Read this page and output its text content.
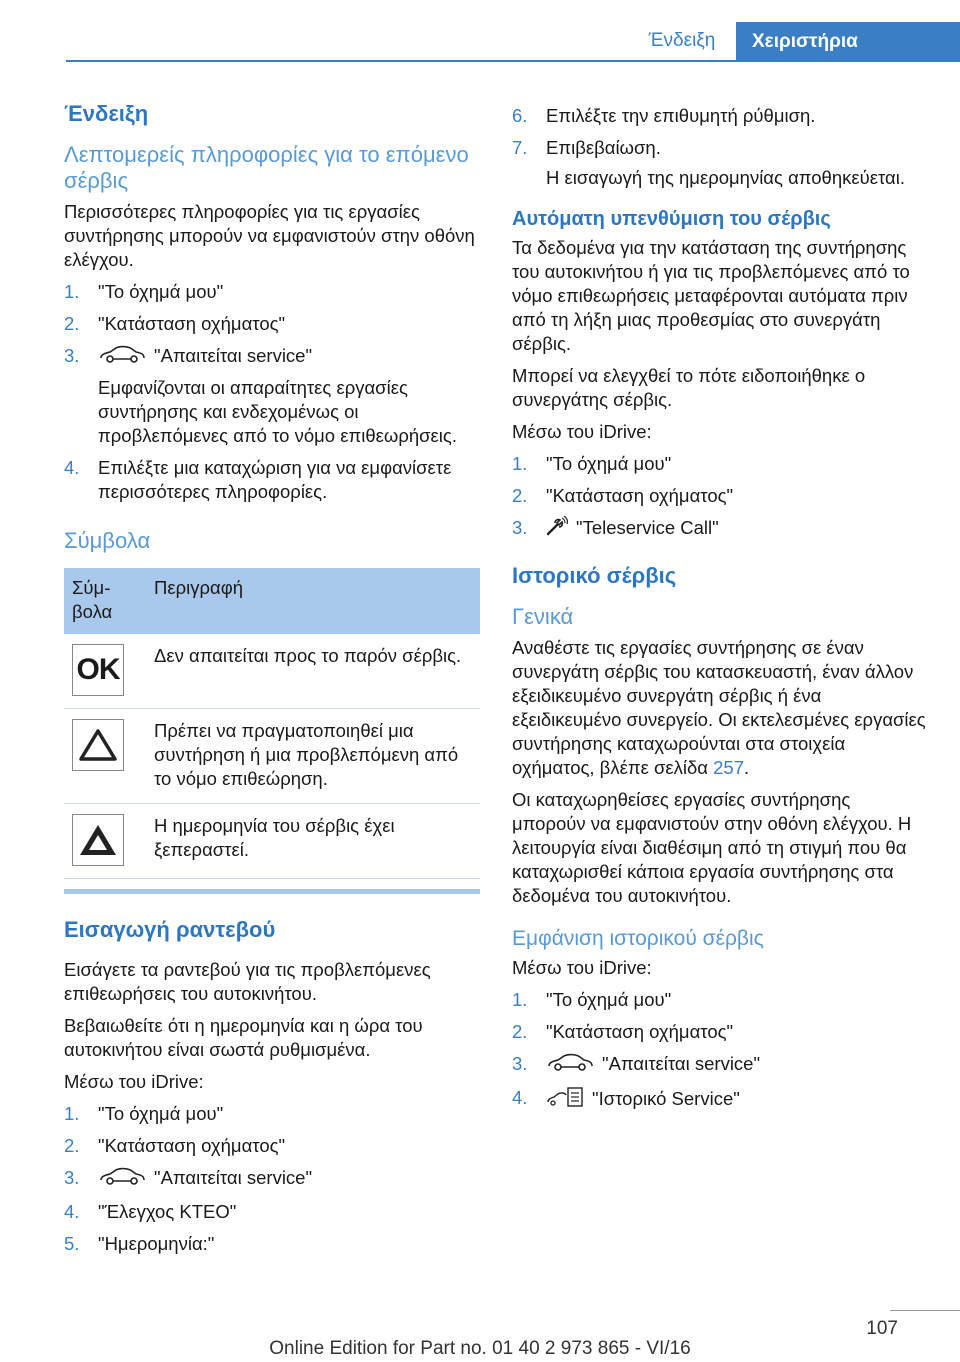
Ένδειξη	Χειριστήρια
Ένδειξη
Λεπτομερείς πληροφορίες για το επόμενο σέρβις

Περισσότερες πληροφορίες για τις εργασίες συντήρησης μπορούν να εμφανιστούν στην οθόνη ελέγχου.

1. "Το όχημά μου"
2. "Κατάσταση οχήματος"
3.	"Απαιτείται service"
Εμφανίζονται οι απαραίτητες εργασίες συντήρησης και ενδεχομένως οι προβλεπόμενες από το νόμο επιθεωρήσεις.
4. Επιλέξτε μια καταχώριση για να εμφανίσετε περισσότερες πληροφορίες.
Σύμβολα
Σύμ-βολα	Περιγραφή

OK	Δεν απαιτείται προς το παρόν σέρβις.

	Πρέπει να πραγματοποιηθεί μια συντήρηση ή μια προβλεπόμενη από το νόμο επιθεώρηση.

	Η ημερομηνία του σέρβις έχει ξεπεραστεί.
Εισαγωγή ραντεβού

Εισάγετε τα ραντεβού για τις προβλεπόμενες επιθεωρήσεις του αυτοκινήτου.

Βεβαιωθείτε ότι η ημερομηνία και η ώρα του αυτοκινήτου είναι σωστά ρυθμισμένα.

Μέσω του iDrive:

1. "Το όχημά μου"
2. "Κατάσταση οχήματος"
3.	"Απαιτείται service"
4. "Έλεγχος ΚΤΕΟ"
5. "Ημερομηνία:"
6. Επιλέξτε την επιθυμητή ρύθμιση.
7. Επιβεβαίωση.
Η εισαγωγή της ημερομηνίας αποθηκεύεται.
Αυτόματη υπενθύμιση του σέρβις

Τα δεδομένα για την κατάσταση της συντήρησης του αυτοκινήτου ή για τις προβλεπόμενες από το νόμο επιθεωρήσεις μεταφέρονται αυτόματα πριν από τη λήξη μιας προθεσμίας στο συνεργάτη σέρβις.

Μπορεί να ελεγχθεί το πότε ειδοποιήθηκε ο συνεργάτης σέρβις.

Μέσω του iDrive:

1. "Το όχημά μου"
2. "Κατάσταση οχήματος"
3.	"Teleservice Call"
Ιστορικό σέρβις
Γενικά

Αναθέστε τις εργασίες συντήρησης σε έναν συνεργάτη σέρβις του κατασκευαστή, έναν άλλον εξειδικευμένο συνεργάτη σέρβις ή ένα εξειδικευμένο συνεργείο. Οι εκτελεσμένες εργασίες συντήρησης καταχωρούνται στα στοιχεία οχήματος, βλέπε σελίδα 257.

Οι καταχωρηθείσες εργασίες συντήρησης μπορούν να εμφανιστούν στην οθόνη ελέγχου. Η λειτουργία είναι διαθέσιμη από τη στιγμή που θα καταχωρισθεί κάποια εργασία συντήρησης στα δεδομένα του αυτοκινήτου.

Εμφάνιση ιστορικού σέρβις

Μέσω του iDrive:

1. "Το όχημά μου"
2. "Κατάσταση οχήματος"
3.	"Απαιτείται service"
4.	"Ιστορικό Service"
107
Online Edition for Part no. 01 40 2 973 865 - VI/16
